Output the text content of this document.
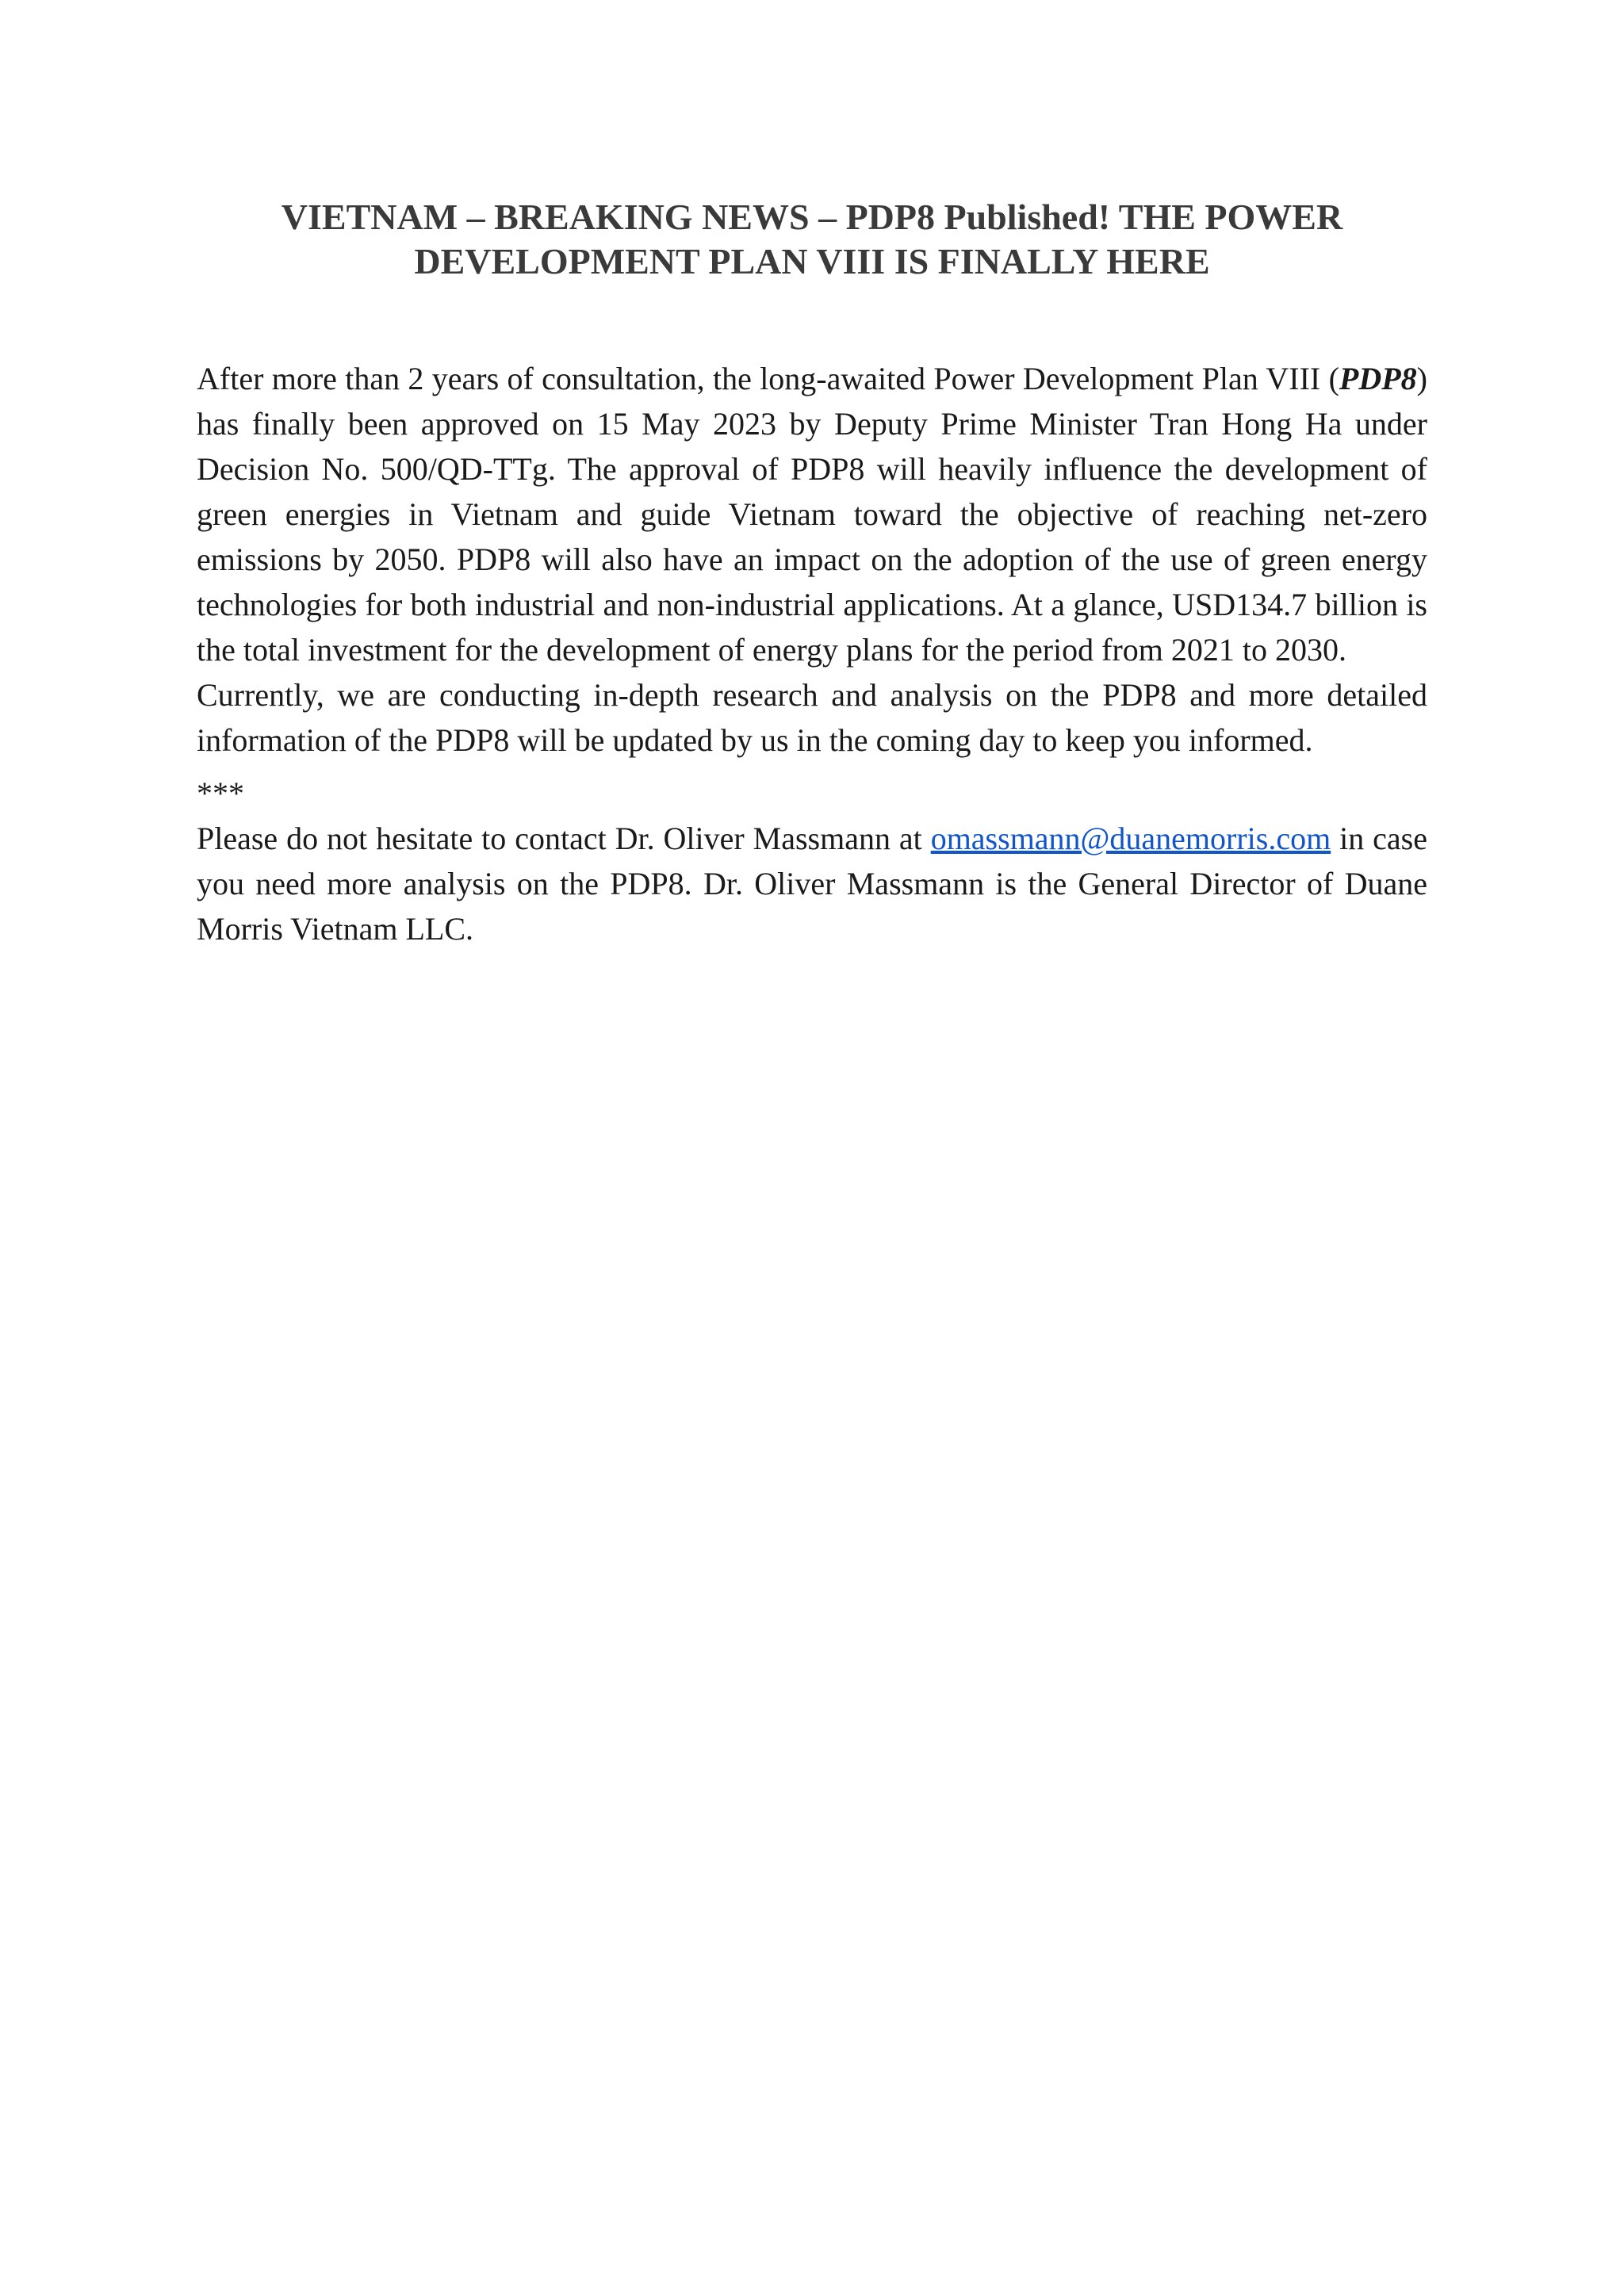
VIETNAM – BREAKING NEWS – PDP8 Published! THE POWER
DEVELOPMENT PLAN VIII IS FINALLY HERE

After more than 2 years of consultation, the long-awaited Power Development Plan VIII (PDP8) has finally been approved on 15 May 2023 by Deputy Prime Minister Tran Hong Ha under Decision No. 500/QD-TTg. The approval of PDP8 will heavily influence the development of green energies in Vietnam and guide Vietnam toward the objective of reaching net-zero emissions by 2050. PDP8 will also have an impact on the adoption of the use of green energy technologies for both industrial and non-industrial applications. At a glance, USD134.7 billion is the total investment for the development of energy plans for the period from 2021 to 2030.

Currently, we are conducting in-depth research and analysis on the PDP8 and more detailed information of the PDP8 will be updated by us in the coming day to keep you informed.

***

Please do not hesitate to contact Dr. Oliver Massmann at omassmann@duanemorris.com in case you need more analysis on the PDP8. Dr. Oliver Massmann is the General Director of Duane Morris Vietnam LLC.
